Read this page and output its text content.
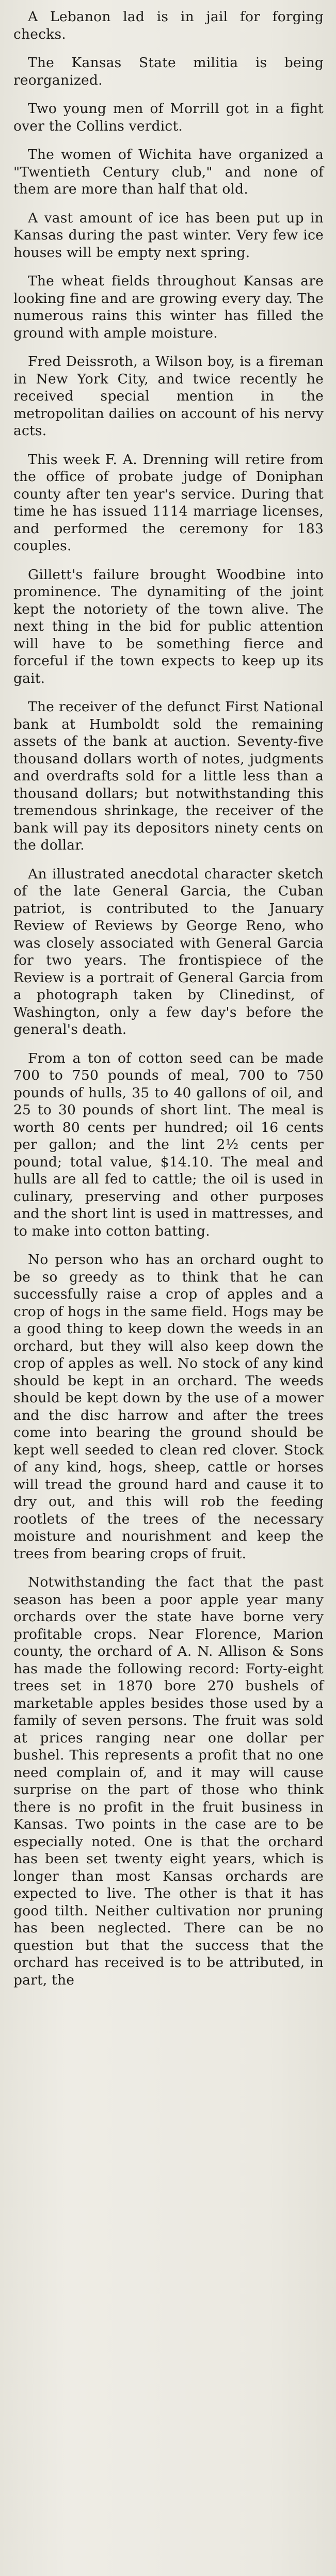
A Lebanon lad is in jail for forging checks.

The Kansas State militia is being reorganized.

Two young men of Morrill got in a fight over the Collins verdict.

The women of Wichita have organized a "Twentieth Century club," and none of them are more than half that old.

A vast amount of ice has been put up in Kansas during the past winter. Very few ice houses will be empty next spring.

The wheat fields throughout Kansas are looking fine and are growing every day. The numerous rains this winter has filled the ground with ample moisture.

Fred Deissroth, a Wilson boy, is a fireman in New York City, and twice recently he received special mention in the metropolitan dailies on account of his nervy acts.

This week F. A. Drenning will retire from the office of probate judge of Doniphan county after ten year's service. During that time he has issued 1114 marriage licenses, and performed the ceremony for 183 couples.

Gillett's failure brought Woodbine into prominence. The dynamiting of the joint kept the notoriety of the town alive. The next thing in the bid for public attention will have to be something fierce and forceful if the town expects to keep up its gait.

The receiver of the defunct First National bank at Humboldt sold the remaining assets of the bank at auction. Seventy-five thousand dollars worth of notes, judgments and overdrafts sold for a little less than a thousand dollars; but notwithstanding this tremendous shrinkage, the receiver of the bank will pay its depositors ninety cents on the dollar.

An illustrated anecdotal character sketch of the late General Garcia, the Cuban patriot, is contributed to the January Review of Reviews by George Reno, who was closely associated with General Garcia for two years. The frontispiece of the Review is a portrait of General Garcia from a photograph taken by Clinedinst, of Washington, only a few day's before the general's death.

From a ton of cotton seed can be made 700 to 750 pounds of meal, 700 to 750 pounds of hulls, 35 to 40 gallons of oil, and 25 to 30 pounds of short lint. The meal is worth 80 cents per hundred; oil 16 cents per gallon; and the lint 2½ cents per pound; total value, $14.10. The meal and hulls are all fed to cattle; the oil is used in culinary, preserving and other purposes and the short lint is used in mattresses, and to make into cotton batting.

No person who has an orchard ought to be so greedy as to think that he can successfully raise a crop of apples and a crop of hogs in the same field. Hogs may be a good thing to keep down the weeds in an orchard, but they will also keep down the crop of apples as well. No stock of any kind should be kept in an orchard. The weeds should be kept down by the use of a mower and the disc harrow and after the trees come into bearing the ground should be kept well seeded to clean red clover. Stock of any kind, hogs, sheep, cattle or horses will tread the ground hard and cause it to dry out, and this will rob the feeding rootlets of the trees of the necessary moisture and nourishment and keep the trees from bearing crops of fruit.

Notwithstanding the fact that the past season has been a poor apple year many orchards over the state have borne very profitable crops. Near Florence, Marion county, the orchard of A. N. Allison & Sons has made the following record: Forty-eight trees set in 1870 bore 270 bushels of marketable apples besides those used by a family of seven persons. The fruit was sold at prices ranging near one dollar per bushel. This represents a profit that no one need complain of, and it may will cause surprise on the part of those who think there is no profit in the fruit business in Kansas. Two points in the case are to be especially noted. One is that the orchard has been set twenty eight years, which is longer than most Kansas orchards are expected to live. The other is that it has good tilth. Neither cultivation nor pruning has been neglected. There can be no question but that the success that the orchard has received is to be attributed, in part, the
